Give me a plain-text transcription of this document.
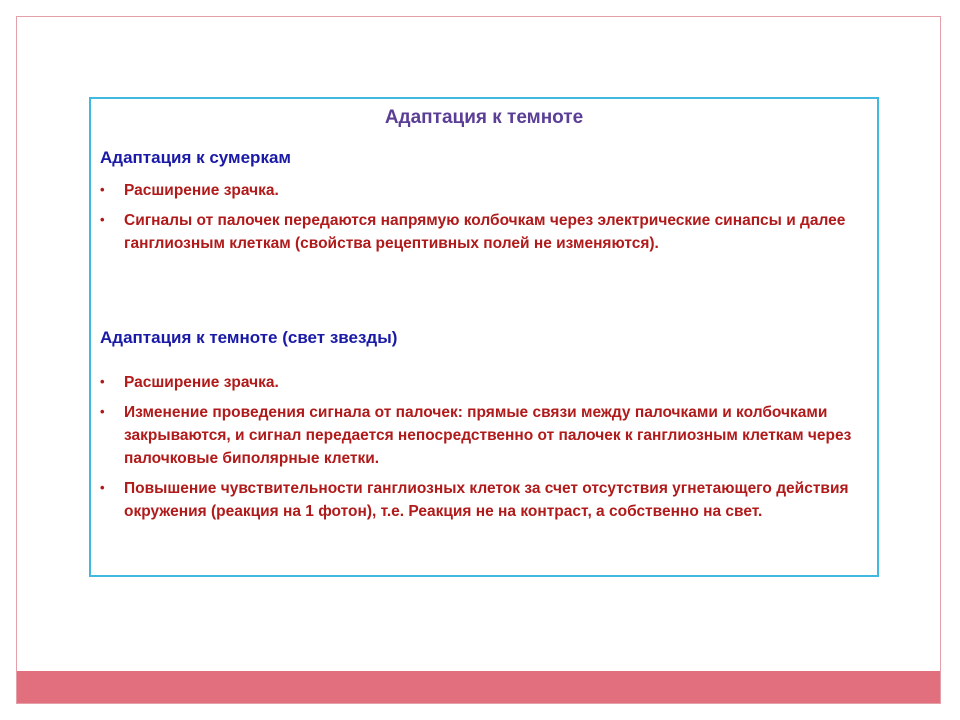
Адаптация к темноте
Адаптация к сумеркам
• Расширение зрачка.
• Сигналы от палочек передаются напрямую колбочкам через электрические синапсы и далее ганглиозным клеткам (свойства рецептивных полей не изменяются).
Адаптация к темноте (свет звезды)
• Расширение зрачка.
• Изменение проведения сигнала от палочек: прямые связи между палочками и колбочками закрываются, и сигнал передается непосредственно от палочек к ганглиозным клеткам через палочковые биполярные клетки.
• Повышение чувствительности ганглиозных клеток за счет отсутствия угнетающего действия окружения (реакция на 1 фотон), т.е. Реакция не на контраст, а собственно на свет.
